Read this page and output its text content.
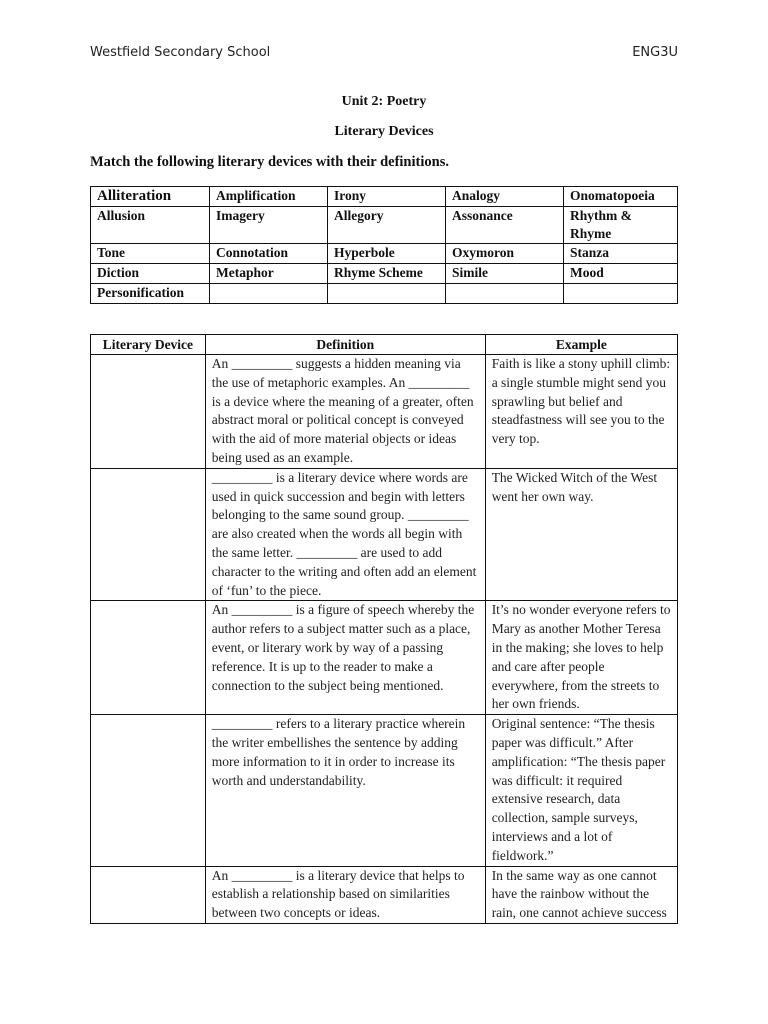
Westfield Secondary School	ENG3U
Unit 2: Poetry
Literary Devices
Match the following literary devices with their definitions.
Alliteration	Amplification	Irony	Analogy	Onomatopoeia
Allusion	Imagery	Allegory	Assonance	Rhythm & Rhyme
Tone	Connotation	Hyperbole	Oxymoron	Stanza
Diction	Metaphor	Rhyme Scheme	Simile	Mood
Personification				
Literary Device	Definition	Example
	An _________ suggests a hidden meaning via the use of metaphoric examples. An _________ is a device where the meaning of a greater, often abstract moral or political concept is conveyed with the aid of more material objects or ideas being used as an example.	Faith is like a stony uphill climb: a single stumble might send you sprawling but belief and steadfastness will see you to the very top.
	_________ is a literary device where words are used in quick succession and begin with letters belonging to the same sound group. _________ are also created when the words all begin with the same letter. _________ are used to add character to the writing and often add an element of ‘fun’ to the piece.	The Wicked Witch of the West went her own way.
	An _________ is a figure of speech whereby the author refers to a subject matter such as a place, event, or literary work by way of a passing reference. It is up to the reader to make a connection to the subject being mentioned.	It’s no wonder everyone refers to Mary as another Mother Teresa in the making; she loves to help and care after people everywhere, from the streets to her own friends.
	_________ refers to a literary practice wherein the writer embellishes the sentence by adding more information to it in order to increase its worth and understandability.	Original sentence: “The thesis paper was difficult.” After amplification: “The thesis paper was difficult: it required extensive research, data collection, sample surveys, interviews and a lot of fieldwork.”
	An _________ is a literary device that helps to establish a relationship based on similarities between two concepts or ideas.	In the same way as one cannot have the rainbow without the rain, one cannot achieve success
